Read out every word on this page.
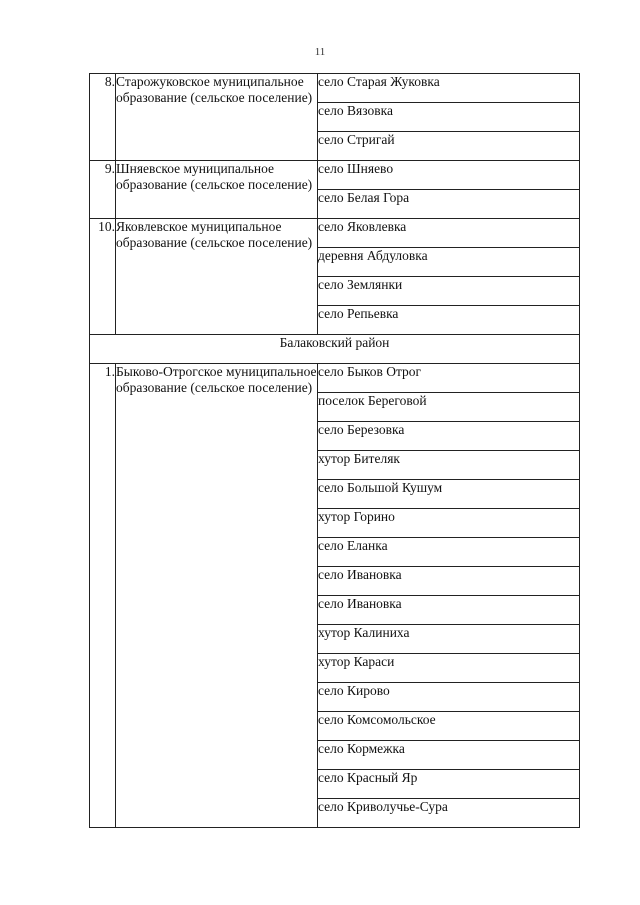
11
8.	Старожуковское муниципальное образование (сельское поселение)	село Старая Жуковка
		село Вязовка
		село Стригай
9.	Шняевское муниципальное образование (сельское поселение)	село Шняево
		село Белая Гора
10.	Яковлевское муниципальное образование (сельское поселение)	село Яковлевка
		деревня Абдуловка
		село Землянки
		село Репьевка
Балаковский район		
1.	Быково-Отрогское муниципальное образование (сельское поселение)	село Быков Отрог
		поселок Береговой
		село Березовка
		хутор Бителяк
		село Большой Кушум
		хутор Горино
		село Еланка
		село Ивановка
		село Ивановка
		хутор Калиниха
		хутор Караси
		село Кирово
		село Комсомольское
		село Кормежка
		село Красный Яр
		село Криволучье-Сура
